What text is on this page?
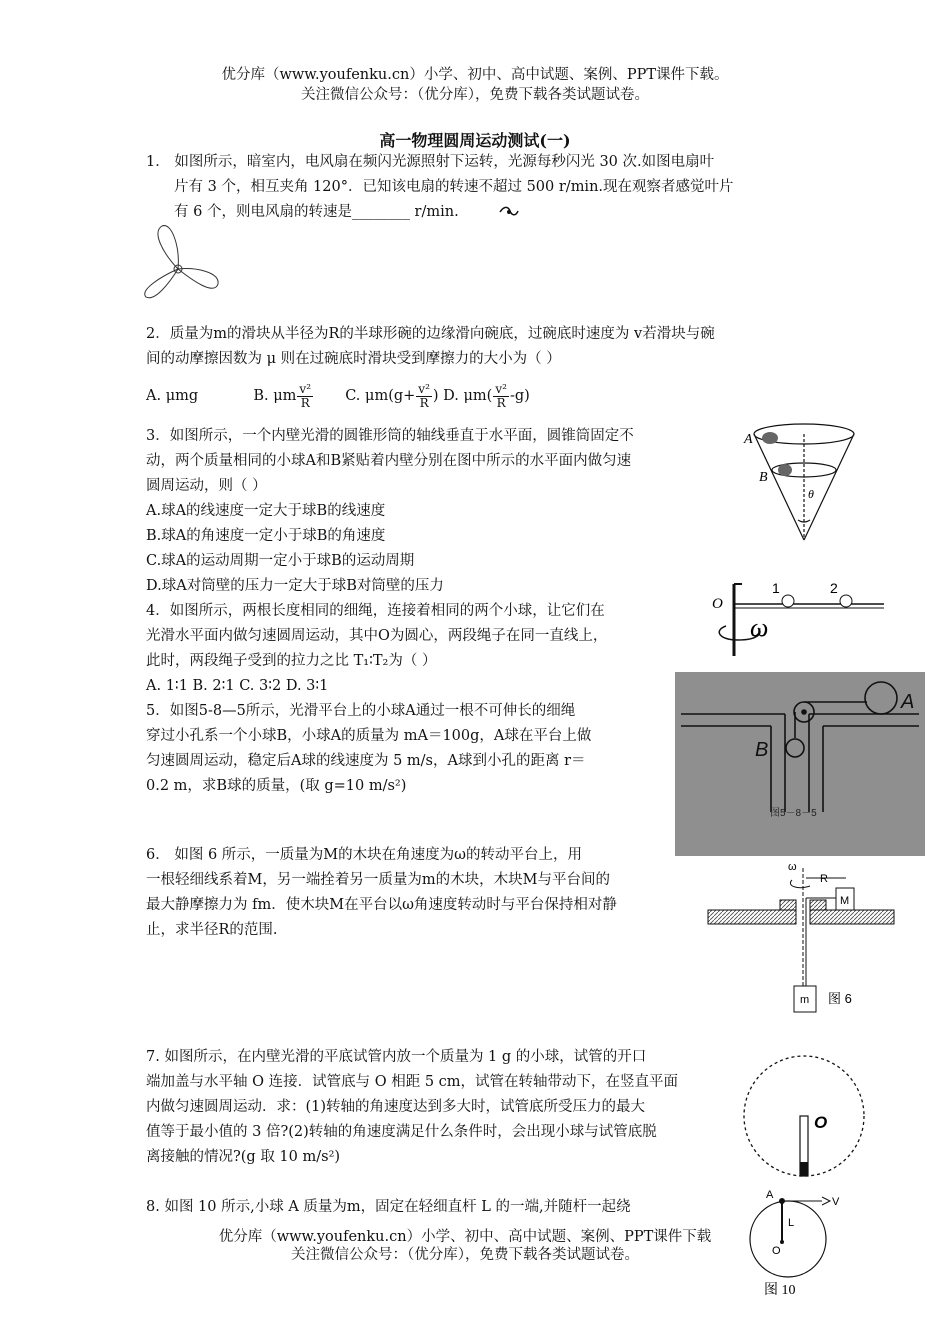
优分库（www.youfenku.cn）小学、初中、高中试题、案例、PPT课件下载。
关注微信公众号：（优分库），免费下载各类试题试卷。
高一物理圆周运动测试(一)
1． 如图所示，暗室内，电风扇在频闪光源照射下运转，光源每秒闪光 30 次.如图电扇叶
片有 3 个，相互夹角 120°．已知该电扇的转速不超过 500 r/min.现在观察者感觉叶片
有 6 个，则电风扇的转速是________ r/min.
2．质量为m的滑块从半径为R的半球形碗的边缘滑向碗底，过碗底时速度为 v若滑块与碗
间的动摩擦因数为 μ 则在过碗底时滑块受到摩擦力的大小为（ ）
A. μmg	B. μm $\frac{\text{v²}}{R} C$. $\mu m(g+ \frac{\text{v²}}{R}$ ) D. $\mu m( \frac{\text{v²}}{R} -g)$
3．如图所示，一个内壁光滑的圆锥形筒的轴线垂直于水平面，圆锥筒固定不
动，两个质量相同的小球A和B紧贴着内壁分别在图中所示的水平面内做匀速
圆周运动，则（ ）
A.球A的线速度一定大于球B的线速度
B.球A的角速度一定小于球B的角速度
C.球A的运动周期一定小于球B的运动周期
D.球A对筒壁的压力一定大于球B对筒壁的压力
A
B
θ
4．如图所示，两根长度相同的细绳，连接着相同的两个小球，让它们在
光滑水平面内做匀速圆周运动，其中O为圆心，两段绳子在同一直线上，
此时，两段绳子受到的拉力之比 T₁∶T₂为（ ）
A. 1∶1 B. 2∶1 C. 3∶2 D. 3∶1
O
1	2
ω
5．如图5-8—5所示，光滑平台上的小球A通过一根不可伸长的细绳
穿过小孔系一个小球B，小球A的质量为 mA＝100g，A球在平台上做
匀速圆周运动，稳定后A球的线速度为 5 m/s，A球到小孔的距离 r＝
0.2 m，求B球的质量，(取 g=10 m/s²)
A
B
图5－8－5
6． 如图 6 所示，一质量为M的木块在角速度为ω的转动平台上，用
一根轻细线系着M，另一端拴着另一质量为m的木块，木块M与平台间的
最大静摩擦力为 fm．使木块M在平台以ω角速度转动时与平台保持相对静
止，求半径R的范围.
ω
R
M
m 图 6
7. 如图所示，在内壁光滑的平底试管内放一个质量为 1 g 的小球，试管的开口
端加盖与水平轴 O 连接．试管底与 O 相距 5 cm，试管在转轴带动下，在竖直平面
内做匀速圆周运动．求：(1)转轴的角速度达到多大时，试管底所受压力的最大
值等于最小值的 3 倍?(2)转轴的角速度满足什么条件时，会出现小球与试管底脱
离接触的情况?(g 取 10 m/s²)
O
8. 如图 10 所示,小球 A 质量为m，固定在轻细直杆 L 的一端,并随杆一起绕
A
V
L
O
图 10
优分库（www.youfenku.cn）小学、初中、高中试题、案例、PPT课件下载
关注微信公众号：（优分库），免费下载各类试题试卷。
